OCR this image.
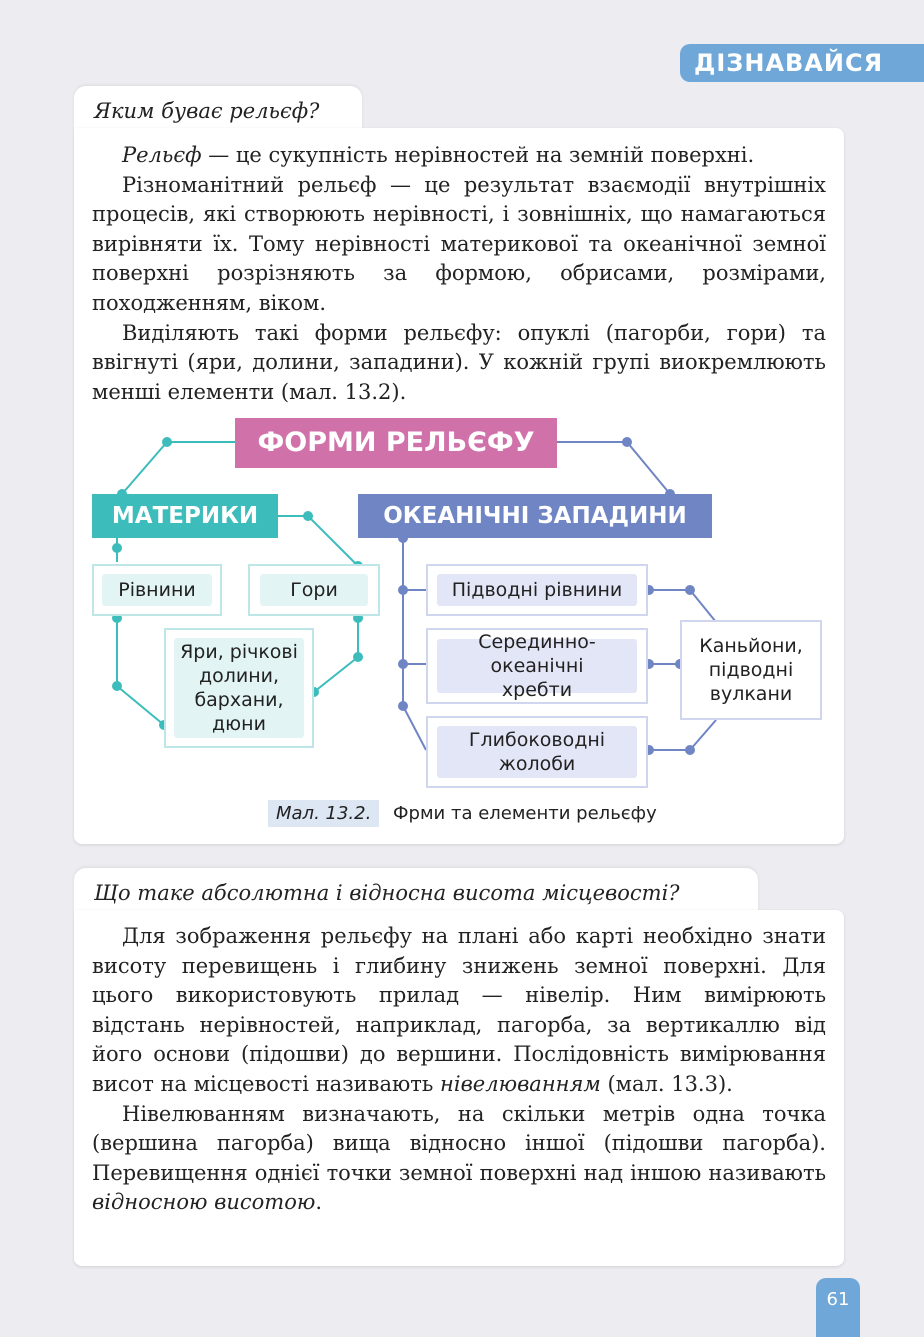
ДІЗНАВАЙСЯ
Яким буває рельєф?

Рельєф — це сукупність нерівностей на земній поверхні.

Різноманітний рельєф — це результат взаємодії внутрішніх процесів, які створюють нерівності, і зовнішніх, що намагаються вирівняти їх. Тому нерівності материкової та океанічної земної поверхні розрізняють за формою, обрисами, розмірами, походженням, віком.

Виділяють такі форми рельєфу: опуклі (пагорби, гори) та ввігнуті (яри, долини, западини). У кожній групі виокремлюють менші елементи (мал. 13.2).

ФОРМИ РЕЛЬЄФУ
МАТЕРИКИ	ОКЕАНІЧНІ ЗАПАДИНИ
Рівнини	Гори
Яри, річкові долини, бархани, дюни
Підводні рівнини
Серединно-океанічні хребти
Глибоководні жолоби
Каньйони, підводні вулкани
Мал. 13.2. Фрми та елементи рельєфу
Що таке абсолютна і відносна висота місцевості?

Для зображення рельєфу на плані або карті необхідно знати висоту перевищень і глибину знижень земної поверхні. Для цього використовують прилад — нівелір. Ним вимірюють відстань нерівностей, наприклад, пагорба, за вертикаллю від його основи (підошви) до вершини. Послідовність вимірювання висот на місцевості називають нівелюванням (мал. 13.3).

Нівелюванням визначають, на скільки метрів одна точка (вершина пагорба) вища відносно іншої (підошви пагорба). Перевищення однієї точки земної поверхні над іншою називають відносною висотою.

61
